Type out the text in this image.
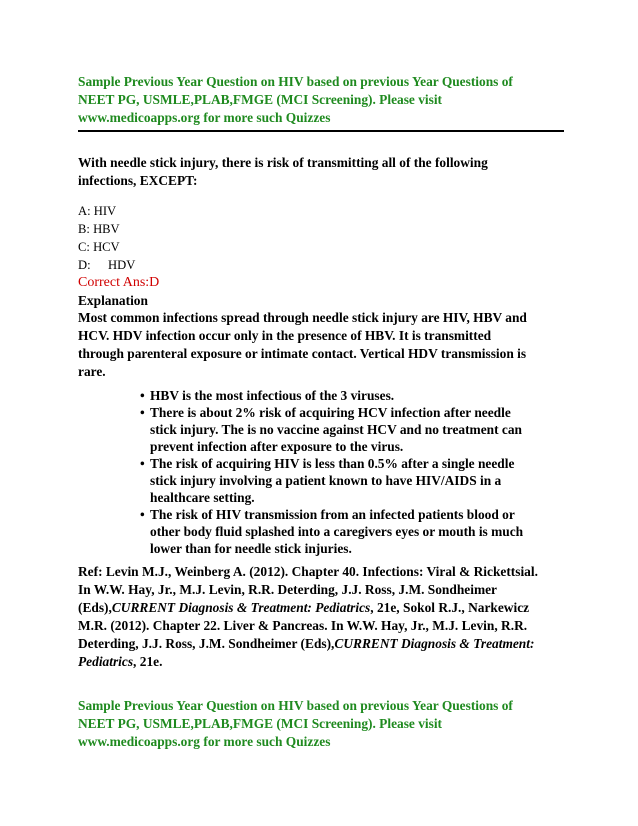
Sample Previous Year Question on HIV based on previous Year Questions of

NEET PG, USMLE,PLAB,FMGE (MCI Screening). Please visit

www.medicoapps.org for more such Quizzes

With needle stick injury, there is risk of transmitting all of the following
infections, EXCEPT:
A: HIV
B: HBV
C: HCV
D: HDV

Correct Ans:D

Explanation

Most common infections spread through needle stick injury are HIV, HBV and
HCV. HDV infection occur only in the presence of HBV. It is transmitted
through parenteral exposure or intimate contact. Vertical HDV transmission is
rare.
• HBV is the most infectious of the 3 viruses.
• There is about 2% risk of acquiring HCV infection after needle
stick injury. The is no vaccine against HCV and no treatment can
prevent infection after exposure to the virus.
• The risk of acquiring HIV is less than 0.5% after a single needle
stick injury involving a patient known to have HIV/AIDS in a
healthcare setting.
• The risk of HIV transmission from an infected patients blood or
other body fluid splashed into a caregivers eyes or mouth is much
lower than for needle stick injuries.
Ref: Levin M.J., Weinberg A. (2012). Chapter 40. Infections: Viral & Rickettsial.
In W.W. Hay, Jr., M.J. Levin, R.R. Deterding, J.J. Ross, J.M. Sondheimer
(Eds),CURRENT Diagnosis & Treatment: Pediatrics, 21e, Sokol R.J., Narkewicz
M.R. (2012). Chapter 22. Liver & Pancreas. In W.W. Hay, Jr., M.J. Levin, R.R.
Deterding, J.J. Ross, J.M. Sondheimer (Eds),CURRENT Diagnosis & Treatment:
Pediatrics, 21e.
Sample Previous Year Question on HIV based on previous Year Questions of
NEET PG, USMLE,PLAB,FMGE (MCI Screening). Please visit
www.medicoapps.org for more such Quizzes
